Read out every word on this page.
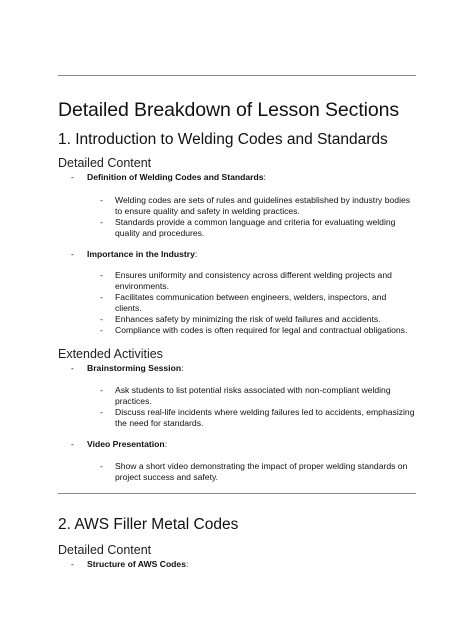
Detailed Breakdown of Lesson Sections
1. Introduction to Welding Codes and Standards
Detailed Content
- Definition of Welding Codes and Standards:
- Welding codes are sets of rules and guidelines established by industry bodies to ensure quality and safety in welding practices.
- Standards provide a common language and criteria for evaluating welding quality and procedures.
- Importance in the Industry:
- Ensures uniformity and consistency across different welding projects and environments.
- Facilitates communication between engineers, welders, inspectors, and clients.
- Enhances safety by minimizing the risk of weld failures and accidents.
- Compliance with codes is often required for legal and contractual obligations.
Extended Activities
- Brainstorming Session:
- Ask students to list potential risks associated with non-compliant welding practices.
- Discuss real-life incidents where welding failures led to accidents, emphasizing the need for standards.
- Video Presentation:
- Show a short video demonstrating the impact of proper welding standards on project success and safety.
2. AWS Filler Metal Codes
Detailed Content
- Structure of AWS Codes:
